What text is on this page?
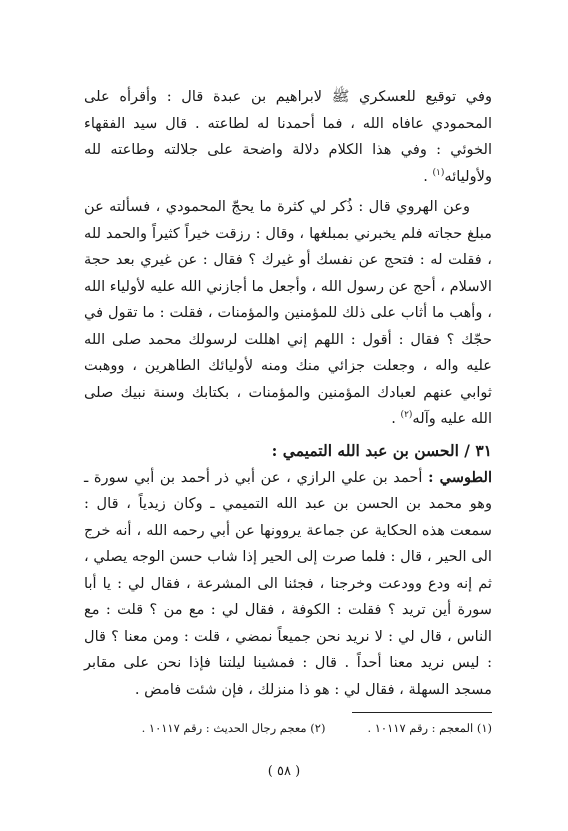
وفي توقيع للعسكري ﷺ لابراهيم بن عبدة قال : وأقرأه على المحمودي عافاه الله ، فما أحمدنا له لطاعته . قال سيد الفقهاء الخوئي : وفي هذا الكلام دلالة واضحة على جلالته وطاعته لله ولأوليائه$^{(١)}$ .

وعن الهروي قال : ذُكر لي كثرة ما يحجّ المحمودي ، فسألته عن مبلغ حجاته فلم يخبرني بمبلغها ، وقال : رزقت خيراً كثيراً والحمد لله ، فقلت له : فتحج عن نفسك أو غيرك ؟ فقال : عن غيري بعد حجة الاسلام ، أحج عن رسول الله ، وأجعل ما أجازني الله عليه لأولياء الله ، وأهب ما أثاب على ذلك للمؤمنين والمؤمنات ، فقلت : ما تقول في حجّك ؟ فقال : أقول : اللهم إني اهللت لرسولك محمد صلى الله عليه واله ، وجعلت جزائي منك ومنه لأوليائك الطاهرين ، ووهبت ثوابي عنهم لعبادك المؤمنين والمؤمنات ، بكتابك وسنة نبيك صلى الله عليه وآله$^{(٢)}$ .

٣١ / الحسن بن عبد الله التميمي :

الطوسي : أحمد بن علي الرازي ، عن أبي ذر أحمد بن أبي سورة ـ وهو محمد بن الحسن بن عبد الله التميمي ـ وكان زيدياً ، قال : سمعت هذه الحكاية عن جماعة يروونها عن أبي رحمه الله ، أنه خرج الى الحير ، قال : فلما صرت إلى الحير إذا شاب حسن الوجه يصلي ، ثم إنه ودع وودعت وخرجنا ، فجئنا الى المشرعة ، فقال لي : يا أبا سورة أين تريد ؟ فقلت : الكوفة ، فقال لي : مع من ؟ قلت : مع الناس ، قال لي : لا نريد نحن جميعاً نمضي ، قلت : ومن معنا ؟ قال : ليس نريد معنا أحداً . قال : فمشينا ليلتنا فإذا نحن على مقابر مسجد السهلة ، فقال لي : هو ذا منزلك ، فإن شئت فامض .

(١) المعجم : رقم ١٠١١٧ .
(٢) معجم رجال الحديث : رقم ١٠١١٧ .
( ٥٨ )
